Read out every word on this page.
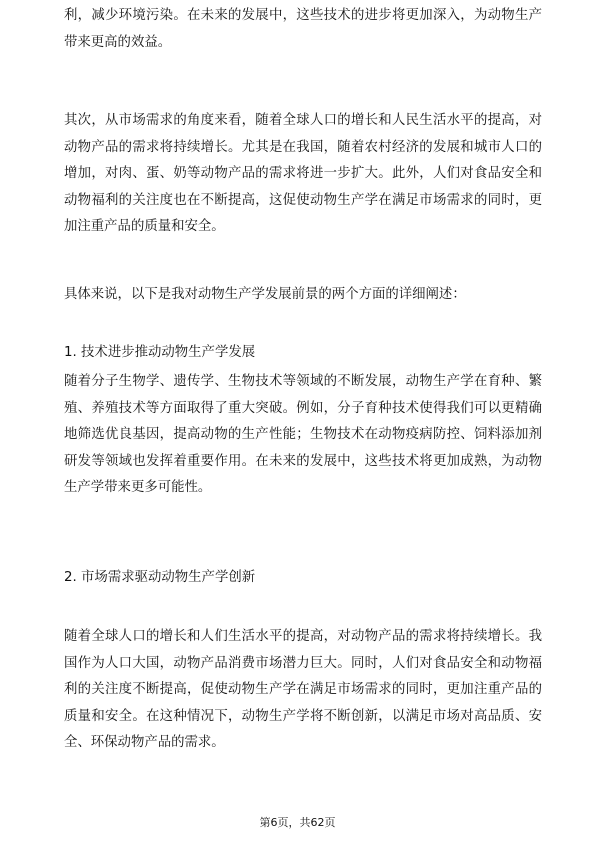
利，减少环境污染。在未来的发展中，这些技术的进步将更加深入，为动物生产带来更高的效益。

其次，从市场需求的角度来看，随着全球人口的增长和人民生活水平的提高，对动物产品的需求将持续增长。尤其是在我国，随着农村经济的发展和城市人口的增加，对肉、蛋、奶等动物产品的需求将进一步扩大。此外，人们对食品安全和动物福利的关注度也在不断提高，这促使动物生产学在满足市场需求的同时，更加注重产品的质量和安全。

具体来说，以下是我对动物生产学发展前景的两个方面的详细阐述：

1. 技术进步推动动物生产学发展

随着分子生物学、遗传学、生物技术等领域的不断发展，动物生产学在育种、繁殖、养殖技术等方面取得了重大突破。例如，分子育种技术使得我们可以更精确地筛选优良基因，提高动物的生产性能；生物技术在动物疫病防控、饲料添加剂研发等领域也发挥着重要作用。在未来的发展中，这些技术将更加成熟，为动物生产学带来更多可能性。

2. 市场需求驱动动物生产学创新

随着全球人口的增长和人们生活水平的提高，对动物产品的需求将持续增长。我国作为人口大国，动物产品消费市场潜力巨大。同时，人们对食品安全和动物福利的关注度不断提高，促使动物生产学在满足市场需求的同时，更加注重产品的质量和安全。在这种情况下，动物生产学将不断创新，以满足市场对高品质、安全、环保动物产品的需求。

第6页，共62页
